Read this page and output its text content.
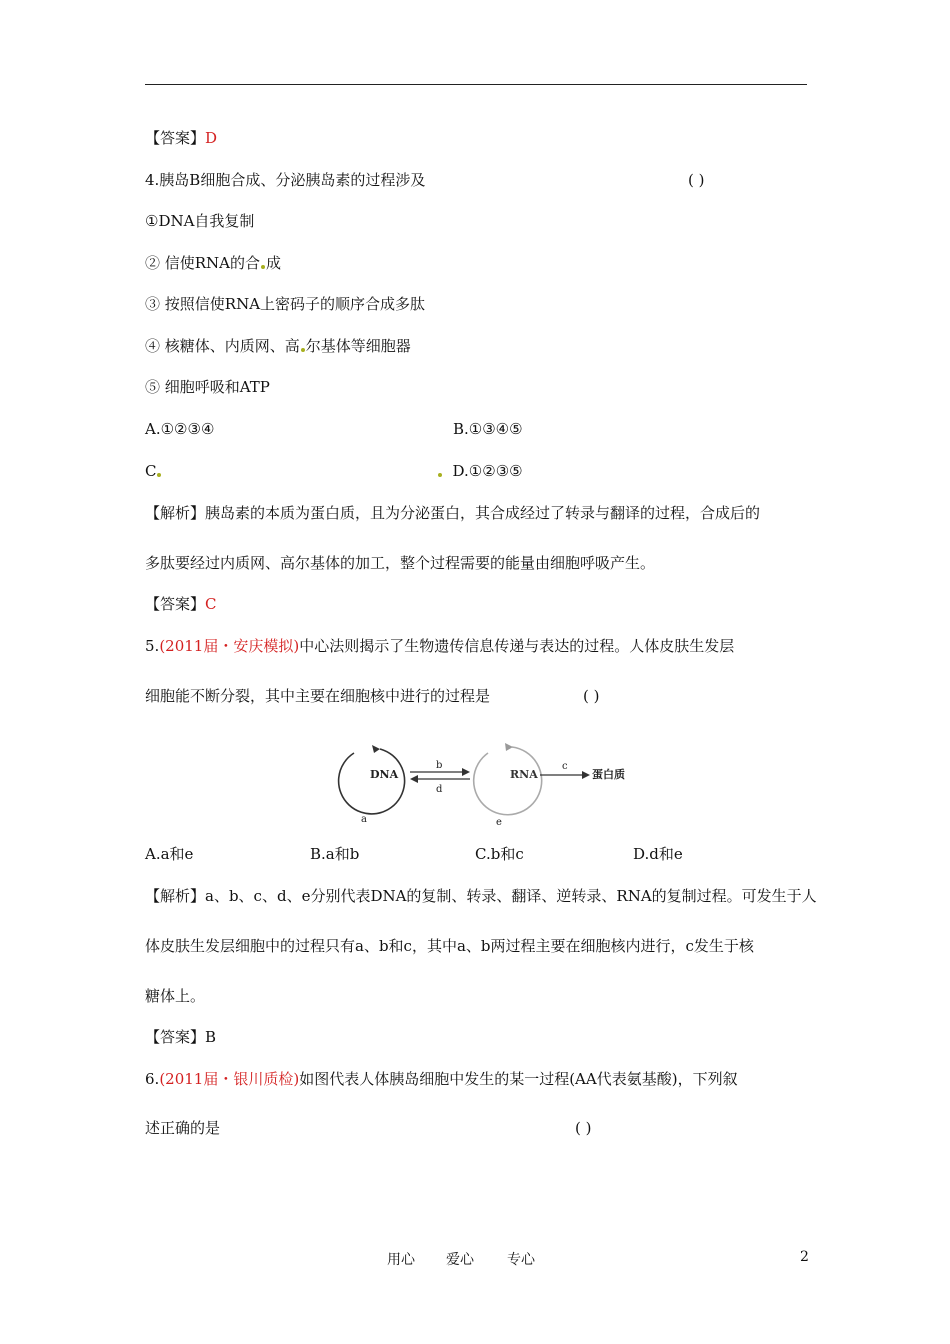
【答案】D
4.胰岛B细胞合成、分泌胰岛素的过程涉及	( )
①DNA自我复制
② 信使RNA的合 成
③ 按照信使RNA上密码子的顺序合成多肽
④ 核糖体、内质网、高 尔基体等细胞器
⑤ 细胞呼吸和ATP
A.①②③④	B.①③④⑤
C	D.①②③⑤
【解析】胰岛素的本质为蛋白质，且为分泌蛋白，其合成经过了转录与翻译的过程，合成后的
多肽要经过内质网、高尔基体的加工，整个过程需要的能量由细胞呼吸产生。
【答案】C
5.(2011届・安庆模拟)中心法则揭示了生物遗传信息传递与表达的过程。人体皮肤生发层
细胞能不断分裂，其中主要在细胞核中进行的过程是	( )
DNA
a
b
d
RNA
e
c
蛋白质
A.a和e	B.a和b	C.b和c	D.d和e
【解析】a、b、c、d、e分别代表DNA的复制、转录、翻译、逆转录、RNA的复制过程。可发生于人
体皮肤生发层细胞中的过程只有a、b和c，其中a、b两过程主要在细胞核内进行，c发生于核
糖体上。
【答案】B
6.(2011届・银川质检)如图代表人体胰岛细胞中发生的某一过程(AA代表氨基酸)，下列叙
述正确的是	( )
用心 爱心 专心	2
